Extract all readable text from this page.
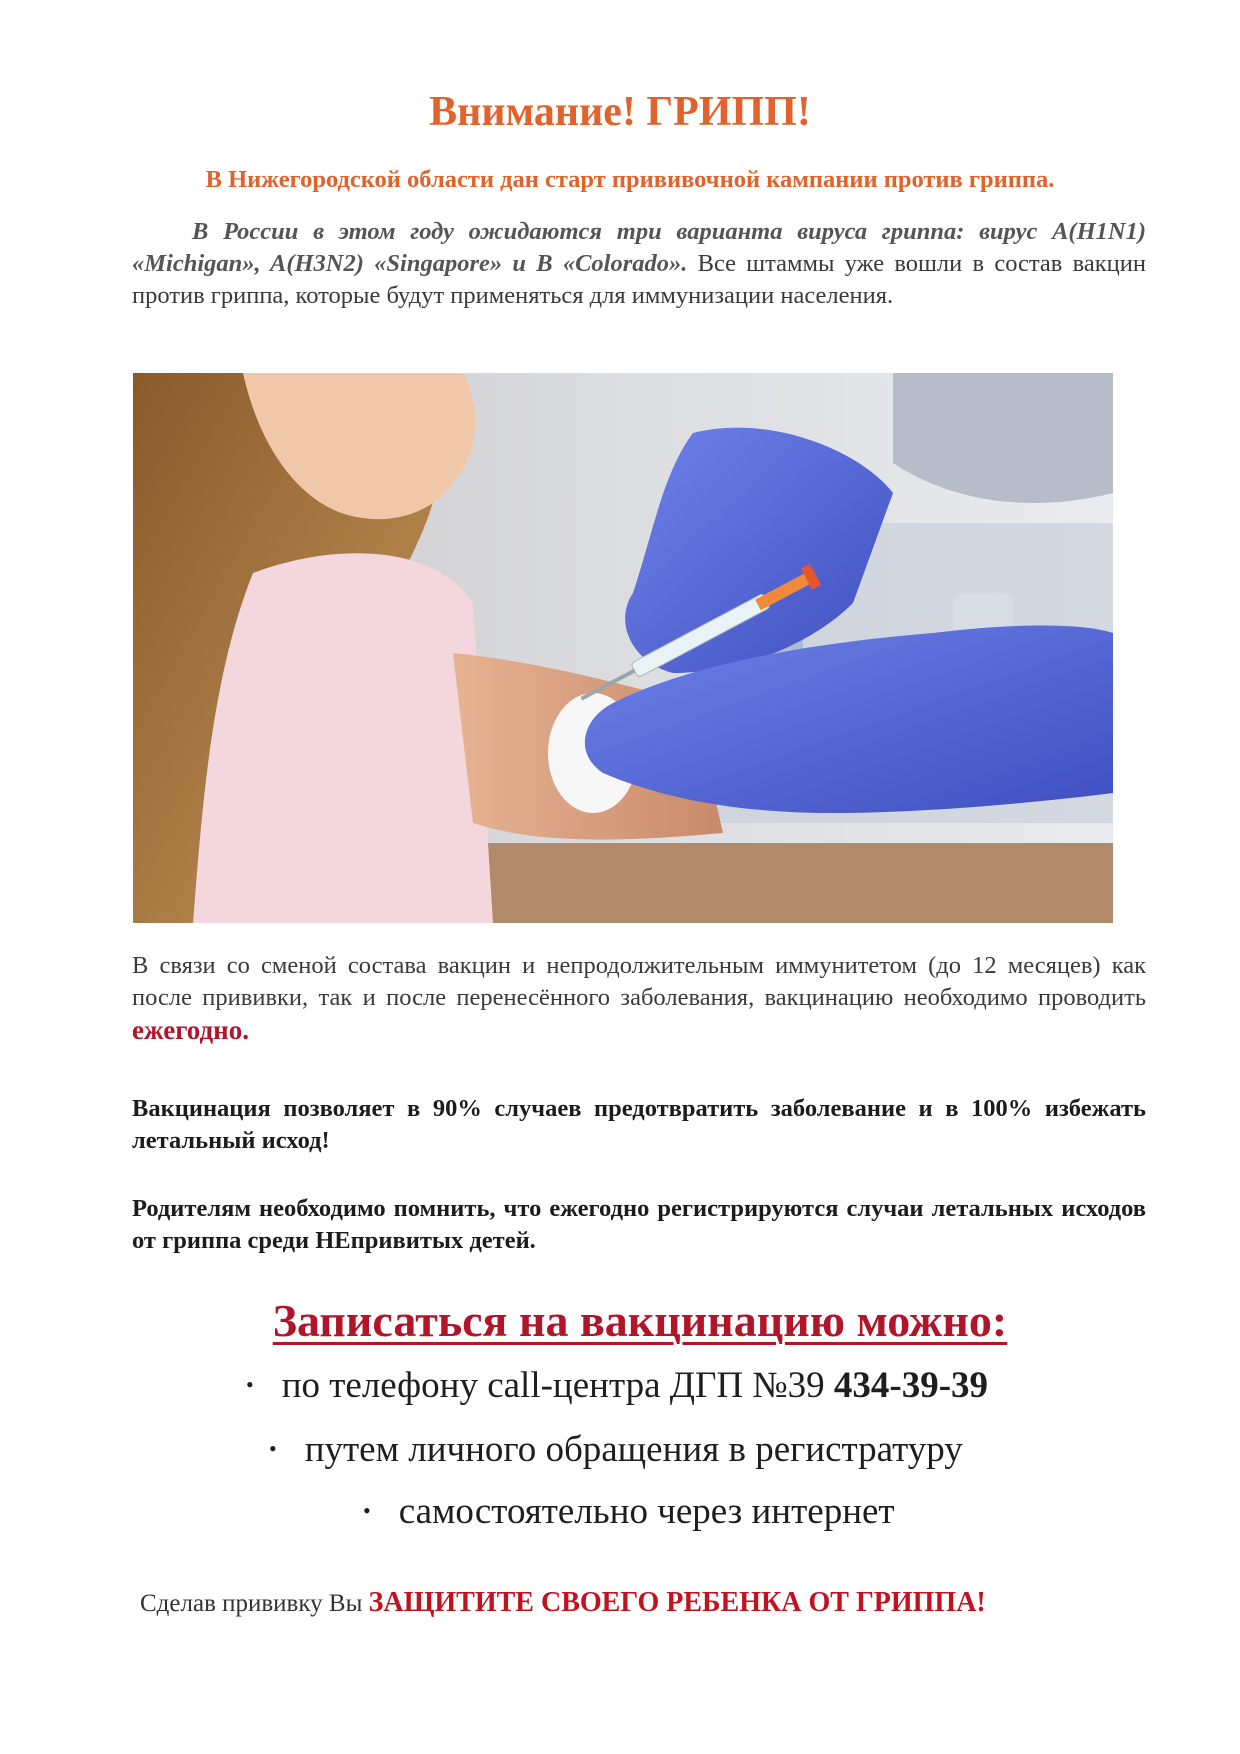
Внимание! ГРИПП!

В Нижегородской области дан старт прививочной кампании против гриппа.

В России в этом году ожидаются три варианта вируса гриппа: вирус A(H1N1) «Michigan», A(H3N2) «Singapore» и B «Colorado». Все штаммы уже вошли в состав вакцин против гриппа, которые будут применяться для иммунизации населения.

В связи со сменой состава вакцин и непродолжительным иммунитетом (до 12 месяцев) как после прививки, так и после перенесённого заболевания, вакцинацию необходимо проводить ежегодно.

Вакцинация позволяет в 90% случаев предотвратить заболевание и в 100% избежать летальный исход!

Родителям необходимо помнить, что ежегодно регистрируются случаи летальных исходов от гриппа среди НЕпривитых детей.

Записаться на вакцинацию можно:

• по телефону call-центра ДГП №39 434-39-39

• путем личного обращения в регистратуру

• самостоятельно через интернет

Сделав прививку Вы ЗАЩИТИТЕ СВОЕГО РЕБЕНКА ОТ ГРИППА!
